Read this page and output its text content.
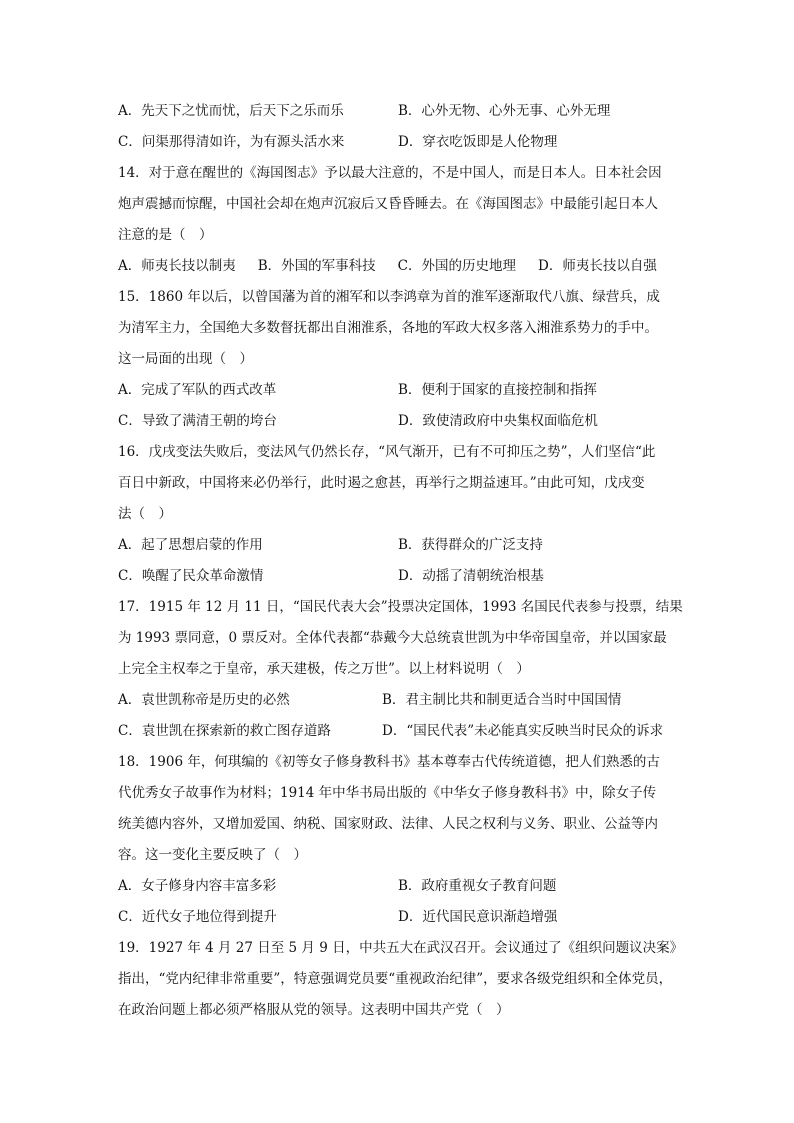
A．先天下之忧而忧，后天下之乐而乐	B．心外无物、心外无事、心外无理
C．问渠那得清如许，为有源头活水来	D．穿衣吃饭即是人伦物理
14．对于意在醒世的《海国图志》予以最大注意的，不是中国人，而是日本人。日本社会因
炮声震撼而惊醒，中国社会却在炮声沉寂后又昏昏睡去。在《海国图志》中最能引起日本人
注意的是（　）
A．师夷长技以制夷 B．外国的军事科技 C．外国的历史地理 D．师夷长技以自强
15．1860 年以后，以曾国藩为首的湘军和以李鸿章为首的淮军逐渐取代八旗、绿营兵，成
为清军主力，全国绝大多数督抚都出自湘淮系，各地的军政大权多落入湘淮系势力的手中。
这一局面的出现（　）
A．完成了军队的西式改革	B．便利于国家的直接控制和指挥
C．导致了满清王朝的垮台	D．致使清政府中央集权面临危机
16．戊戌变法失败后，变法风气仍然长存，“风气渐开，已有不可抑压之势”，人们坚信“此
百日中新政，中国将来必仍举行，此时遏之愈甚，再举行之期益速耳。”由此可知，戊戌变
法（　）
A．起了思想启蒙的作用	B．获得群众的广泛支持
C．唤醒了民众革命激情	D．动摇了清朝统治根基
17．1915 年 12 月 11 日，“国民代表大会”投票决定国体，1993 名国民代表参与投票，结果
为 1993 票同意，0 票反对。全体代表都“恭戴今大总统袁世凯为中华帝国皇帝，并以国家最
上完全主权奉之于皇帝，承天建极，传之万世”。以上材料说明（　）
A．袁世凯称帝是历史的必然	B．君主制比共和制更适合当时中国国情
C．袁世凯在探索新的救亡图存道路	D．“国民代表”未必能真实反映当时民众的诉求
18．1906 年，何琪编的《初等女子修身教科书》基本尊奉古代传统道德，把人们熟悉的古
代优秀女子故事作为材料；1914 年中华书局出版的《中华女子修身教科书》中，除女子传
统美德内容外，又增加爱国、纳税、国家财政、法律、人民之权利与义务、职业、公益等内
容。这一变化主要反映了（　）
A．女子修身内容丰富多彩	B．政府重视女子教育问题
C．近代女子地位得到提升	D．近代国民意识渐趋增强
19．1927 年 4 月 27 日至 5 月 9 日，中共五大在武汉召开。会议通过了《组织问题议决案》
指出，“党内纪律非常重要”，特意强调党员要“重视政治纪律”，要求各级党组织和全体党员，
在政治问题上都必须严格服从党的领导。这表明中国共产党（　）
